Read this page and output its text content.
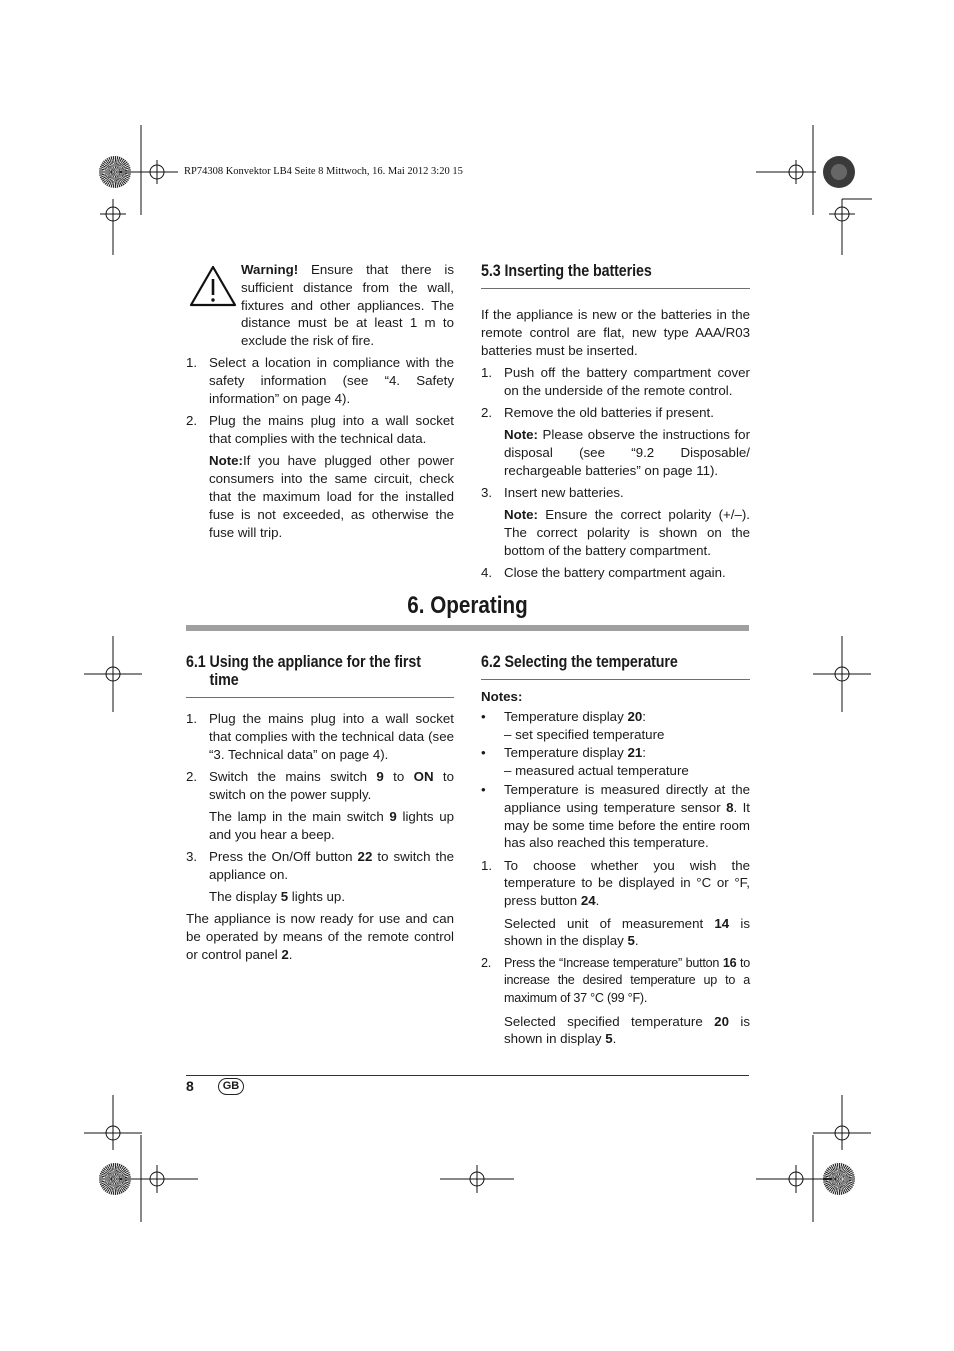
RP74308 Konvektor LB4 Seite 8 Mittwoch, 16. Mai 2012 3:20 15

Warning! Ensure that there is sufficient distance from the wall, fixtures and other appliances. The distance must be at least 1 m to exclude the risk of fire.

1. Select a location in compliance with the safety information (see “4. Safety information” on page 4).
2. Plug the mains plug into a wall socket that complies with the technical data.

Note:If you have plugged other power consumers into the same circuit, check that the maximum load for the installed fuse is not exceeded, as otherwise the fuse will trip.

5.3 Inserting the batteries

If the appliance is new or the batteries in the remote control are flat, new type AAA/R03 batteries must be inserted.

1. Push off the battery compartment cover on the underside of the remote control.
2. Remove the old batteries if present.

Note: Please observe the instructions for disposal (see “9.2 Disposable/ rechargeable batteries” on page 11).

3. Insert new batteries.

Note: Ensure the correct polarity (+/–). The correct polarity is shown on the bottom of the battery compartment.

4. Close the battery compartment again.
6. Operating
6.1 Using the appliance for the first
time
1. Plug the mains plug into a wall socket that complies with the technical data (see “3. Technical data” on page 4).
2. Switch the mains switch 9 to ON to switch on the power supply.

The lamp in the main switch 9 lights up and you hear a beep.

3. Press the On/Off button 22 to switch the appliance on.

The display 5 lights up.

The appliance is now ready for use and can be operated by means of the remote control or control panel 2.

6.2 Selecting the temperature

Notes:

• Temperature display 20:
– set specified temperature
• Temperature display 21:
– measured actual temperature
• Temperature is measured directly at the appliance using temperature sensor 8. It may be some time before the entire room has also reached this temperature.
1. To choose whether you wish the temperature to be displayed in °C or °F, press button 24.

Selected unit of measurement 14 is shown in the display 5.

2. Press the “Increase temperature” button 16 to increase the desired temperature up to a maximum of 37 °C (99 °F).

Selected specified temperature 20 is shown in display 5.

8	GB
